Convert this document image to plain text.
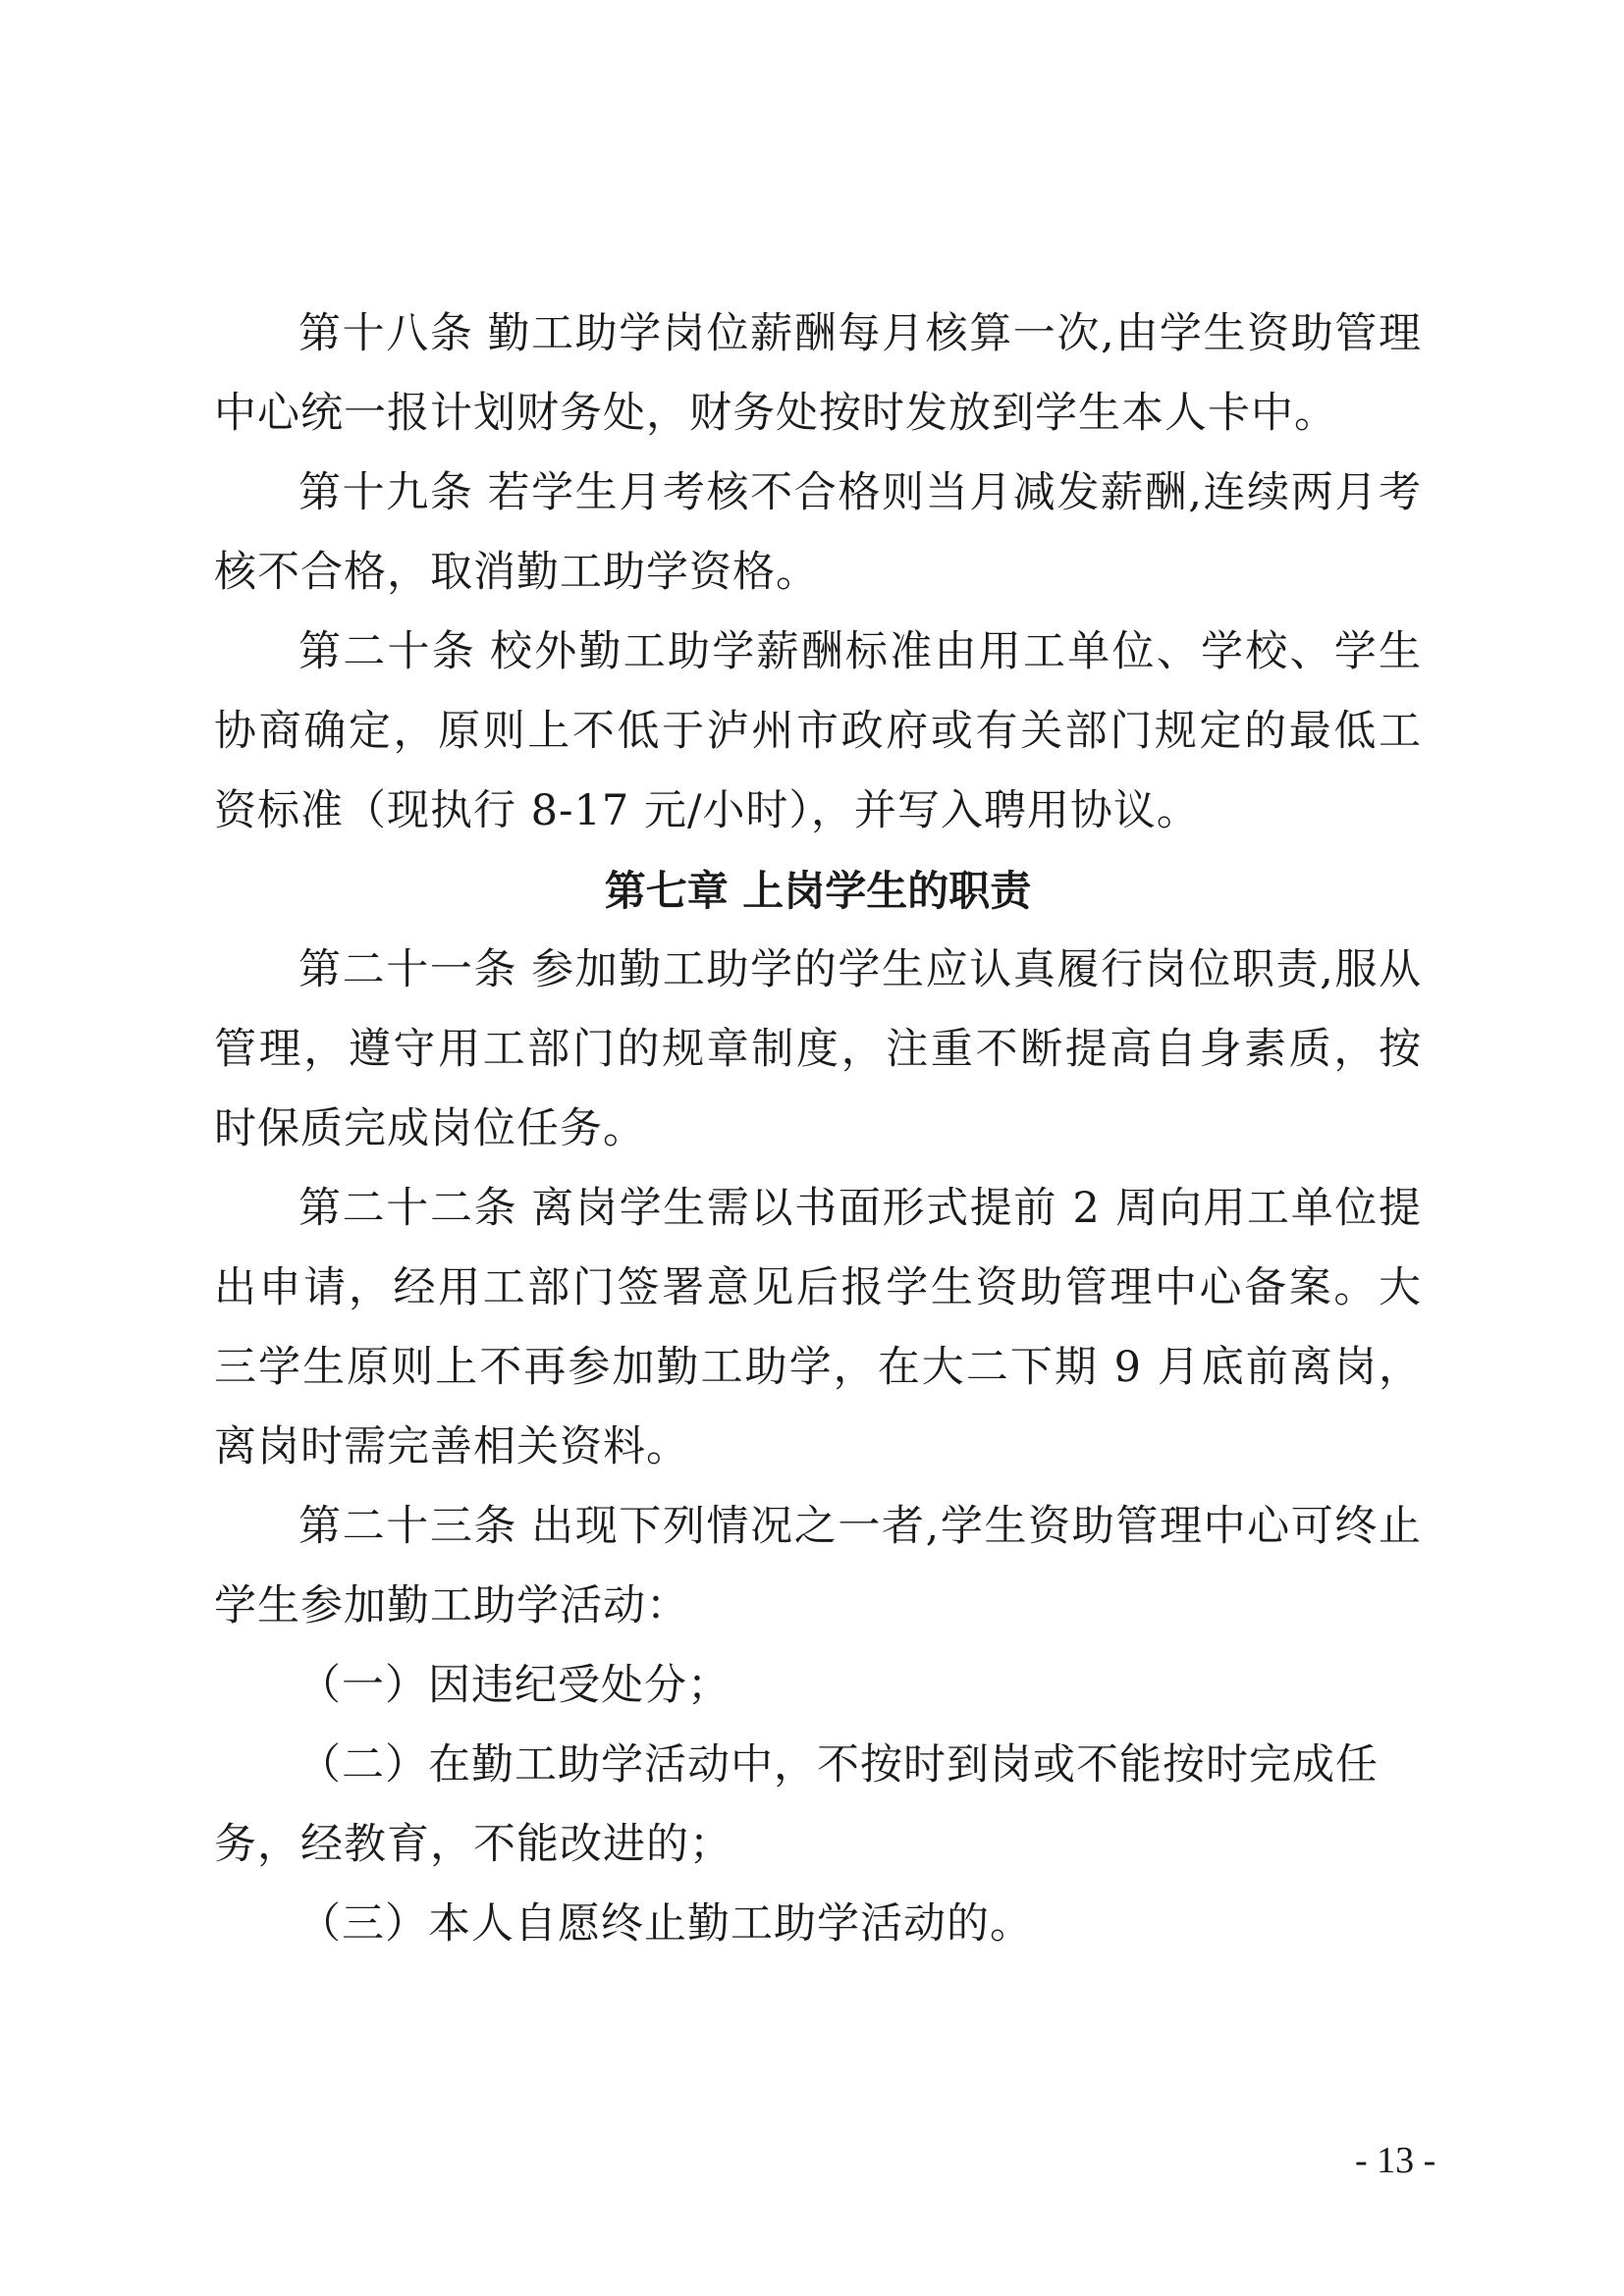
第十八条 勤工助学岗位薪酬每月核算一次,由学生资助管理中心统一报计划财务处，财务处按时发放到学生本人卡中。

第十九条 若学生月考核不合格则当月减发薪酬,连续两月考核不合格，取消勤工助学资格。

第二十条 校外勤工助学薪酬标准由用工单位、学校、学生协商确定，原则上不低于泸州市政府或有关部门规定的最低工资标准（现执行 8-17 元/小时），并写入聘用协议。

第七章 上岗学生的职责

第二十一条 参加勤工助学的学生应认真履行岗位职责,服从管理，遵守用工部门的规章制度，注重不断提高自身素质，按时保质完成岗位任务。

第二十二条 离岗学生需以书面形式提前 2 周向用工单位提出申请，经用工部门签署意见后报学生资助管理中心备案。大三学生原则上不再参加勤工助学，在大二下期 9 月底前离岗，离岗时需完善相关资料。

第二十三条 出现下列情况之一者,学生资助管理中心可终止学生参加勤工助学活动：

（一）因违纪受处分；

（二）在勤工助学活动中，不按时到岗或不能按时完成任务，经教育，不能改进的；

（三）本人自愿终止勤工助学活动的。

- 13 -
